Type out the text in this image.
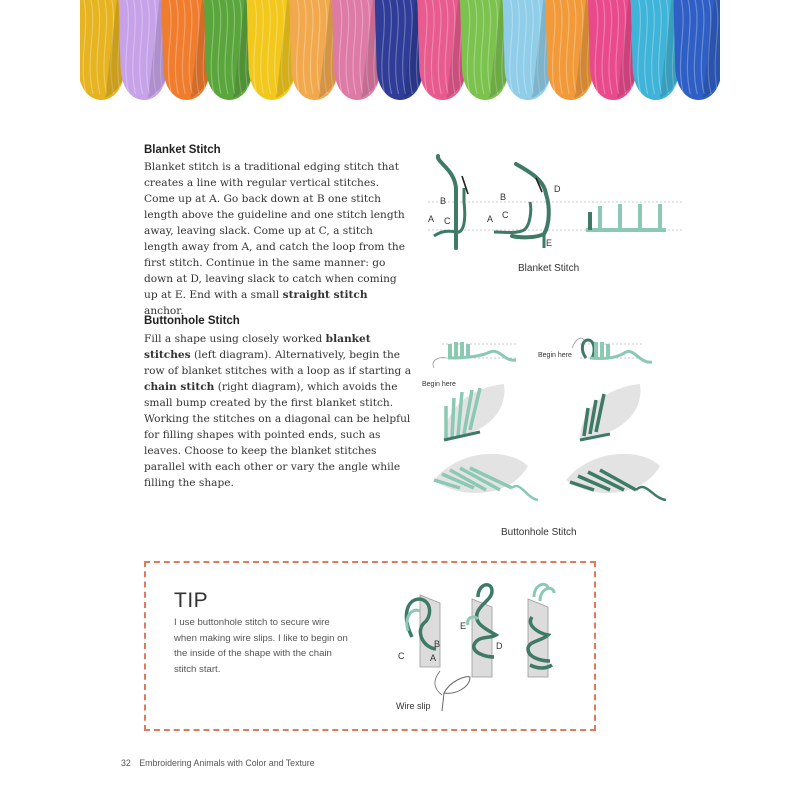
Blanket Stitch
Blanket stitch is a traditional edging stitch that creates a line with regular vertical stitches. Come up at A. Go back down at B one stitch length above the guideline and one stitch length away, leaving slack. Come up at C, a stitch length away from A, and catch the loop from the first stitch. Continue in the same manner: go down at D, leaving slack to catch when coming up at E. End with a small straight stitch anchor.
B
A C
B
A C
D
E
Blanket Stitch
Buttonhole Stitch
Fill a shape using closely worked blanket stitches (left diagram). Alternatively, begin the row of blanket stitches with a loop as if starting a chain stitch (right diagram), which avoids the small bump created by the first blanket stitch. Working the stitches on a diagonal can be helpful for filling shapes with pointed ends, such as leaves. Choose to keep the blanket stitches parallel with each other or vary the angle while filling the shape.
Begin here
Begin here
Buttonhole Stitch
TIP
I use buttonhole stitch to secure wire when making wire slips. I like to begin on the inside of the shape with the chain stitch start.
C
B
A
E
D
Wire slip
32 Embroidering Animals with Color and Texture
